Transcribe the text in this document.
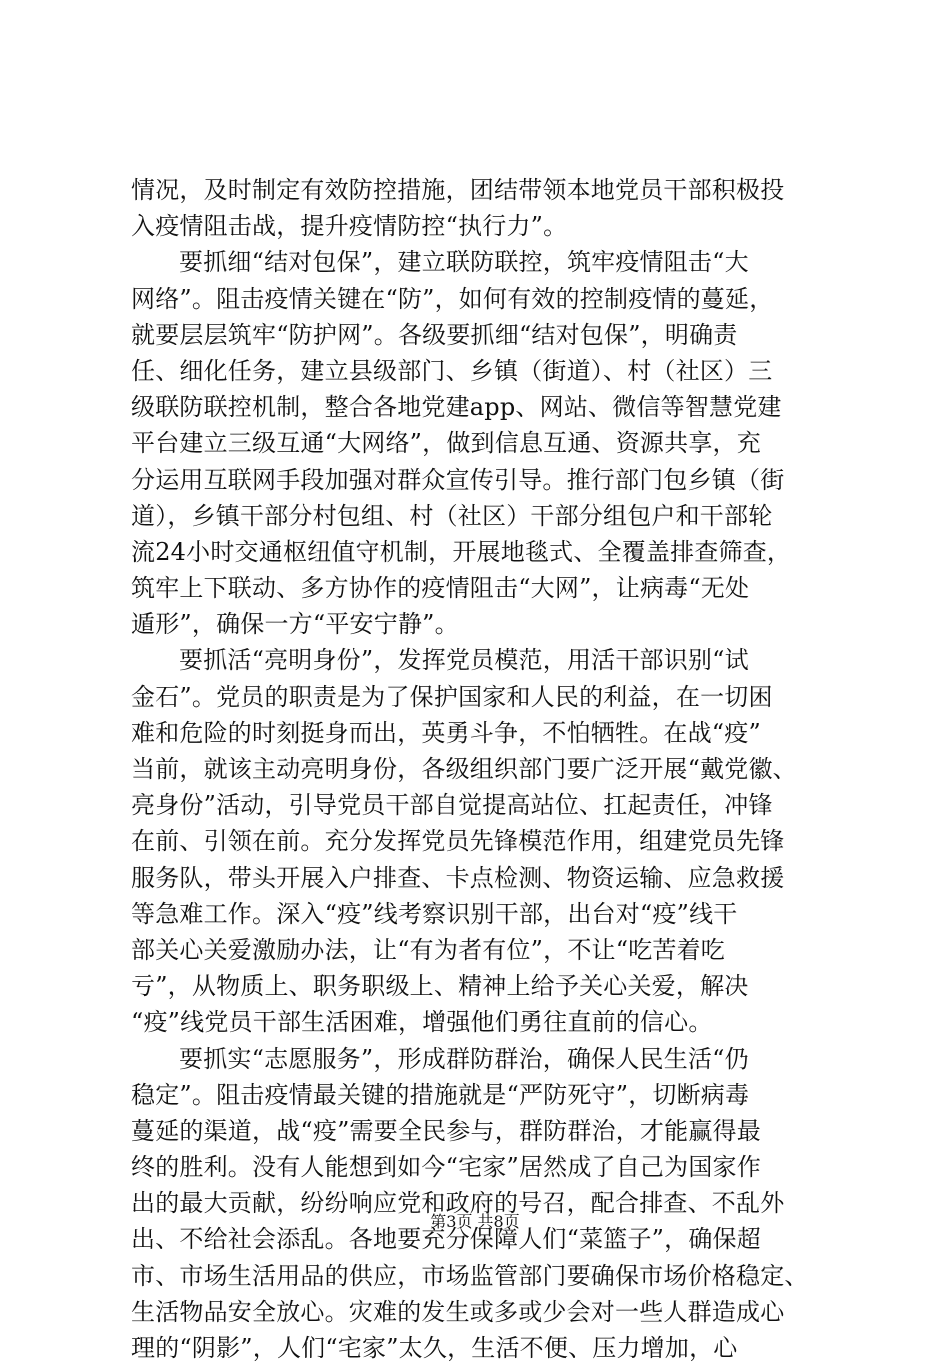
情况，及时制定有效防控措施，团结带领本地党员干部积极投
入疫情阻击战，提升疫情防控“执行力”。
要抓细“结对包保”，建立联防联控，筑牢疫情阻击“大
网络”。阻击疫情关键在“防”，如何有效的控制疫情的蔓延，
就要层层筑牢“防护网”。各级要抓细“结对包保”，明确责
任、细化任务，建立县级部门、乡镇（街道）、村（社区）三
级联防联控机制，整合各地党建app、网站、微信等智慧党建
平台建立三级互通“大网络”，做到信息互通、资源共享，充
分运用互联网手段加强对群众宣传引导。推行部门包乡镇（街
道），乡镇干部分村包组、村（社区）干部分组包户和干部轮
流24小时交通枢纽值守机制，开展地毯式、全覆盖排查筛查，
筑牢上下联动、多方协作的疫情阻击“大网”，让病毒“无处
遁形”，确保一方“平安宁静”。
要抓活“亮明身份”，发挥党员模范，用活干部识别“试
金石”。党员的职责是为了保护国家和人民的利益，在一切困
难和危险的时刻挺身而出，英勇斗争，不怕牺牲。在战“疫”
当前，就该主动亮明身份，各级组织部门要广泛开展“戴党徽、
亮身份”活动，引导党员干部自觉提高站位、扛起责任，冲锋
在前、引领在前。充分发挥党员先锋模范作用，组建党员先锋
服务队，带头开展入户排查、卡点检测、物资运输、应急救援
等急难工作。深入“疫”线考察识别干部，出台对“疫”线干
部关心关爱激励办法，让“有为者有位”，不让“吃苦着吃
亏”，从物质上、职务职级上、精神上给予关心关爱，解决
“疫”线党员干部生活困难，增强他们勇往直前的信心。
要抓实“志愿服务”，形成群防群治，确保人民生活“仍
稳定”。阻击疫情最关键的措施就是“严防死守”，切断病毒
蔓延的渠道，战“疫”需要全民参与，群防群治，才能赢得最
终的胜利。没有人能想到如今“宅家”居然成了自己为国家作
出的最大贡献，纷纷响应党和政府的号召，配合排查、不乱外
出、不给社会添乱。各地要充分保障人们“菜篮子”，确保超
市、市场生活用品的供应，市场监管部门要确保市场价格稳定、
生活物品安全放心。灾难的发生或多或少会对一些人群造成心
理的“阴影”，人们“宅家”太久，生活不便、压力增加，心
第3页 共8页
